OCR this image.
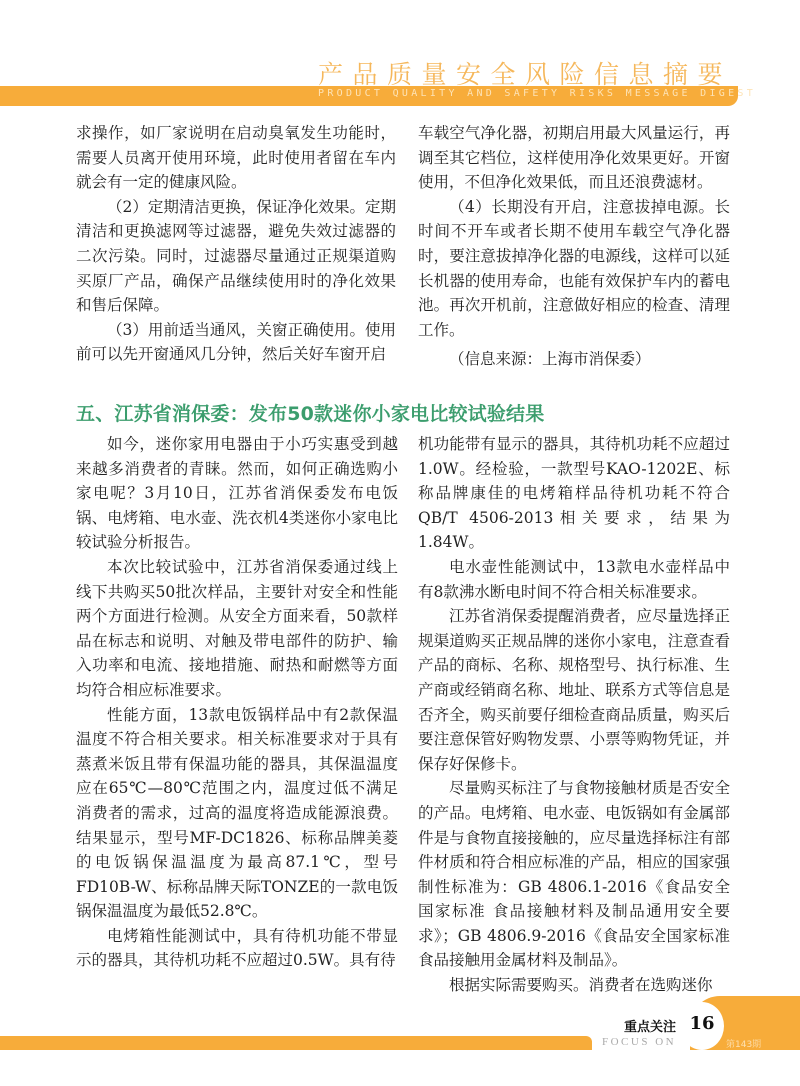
产品质量安全风险信息摘要
PRODUCT QUALITY AND SAFETY RISKS MESSAGE DIGEST

求操作，如厂家说明在启动臭氧发生功能时，需要人员离开使用环境，此时使用者留在车内就会有一定的健康风险。

（2）定期清洁更换，保证净化效果。定期清洁和更换滤网等过滤器，避免失效过滤器的二次污染。同时，过滤器尽量通过正规渠道购买原厂产品，确保产品继续使用时的净化效果和售后保障。

（3）用前适当通风，关窗正确使用。使用前可以先开窗通风几分钟，然后关好车窗开启

车载空气净化器，初期启用最大风量运行，再调至其它档位，这样使用净化效果更好。开窗使用，不但净化效果低，而且还浪费滤材。

（4）长期没有开启，注意拔掉电源。长时间不开车或者长期不使用车载空气净化器时，要注意拔掉净化器的电源线，这样可以延长机器的使用寿命，也能有效保护车内的蓄电池。再次开机前，注意做好相应的检查、清理工作。

（信息来源：上海市消保委）

五、江苏省消保委：发布50款迷你小家电比较试验结果

如今，迷你家用电器由于小巧实惠受到越来越多消费者的青睐。然而，如何正确选购小家电呢？3月10日，江苏省消保委发布电饭锅、电烤箱、电水壶、洗衣机4类迷你小家电比较试验分析报告。

本次比较试验中，江苏省消保委通过线上线下共购买50批次样品，主要针对安全和性能两个方面进行检测。从安全方面来看，50款样品在标志和说明、对触及带电部件的防护、输入功率和电流、接地措施、耐热和耐燃等方面均符合相应标准要求。

性能方面，13款电饭锅样品中有2款保温温度不符合相关要求。相关标准要求对于具有蒸煮米饭且带有保温功能的器具，其保温温度应在65℃—80℃范围之内，温度过低不满足消费者的需求，过高的温度将造成能源浪费。结果显示，型号MF-DC1826、标称品牌美菱的电饭锅保温温度为最高87.1℃，型号FD10B-W、标称品牌天际TONZE的一款电饭锅保温温度为最低52.8℃。

电烤箱性能测试中，具有待机功能不带显示的器具，其待机功耗不应超过0.5W。具有待

机功能带有显示的器具，其待机功耗不应超过1.0W。经检验，一款型号KAO-1202E、标称品牌康佳的电烤箱样品待机功耗不符合QB/T 4506-2013相关要求，结果为1.84W。

电水壶性能测试中，13款电水壶样品中有8款沸水断电时间不符合相关标准要求。

江苏省消保委提醒消费者，应尽量选择正规渠道购买正规品牌的迷你小家电，注意查看产品的商标、名称、规格型号、执行标准、生产商或经销商名称、地址、联系方式等信息是否齐全，购买前要仔细检查商品质量，购买后要注意保管好购物发票、小票等购物凭证，并保存好保修卡。

尽量购买标注了与食物接触材质是否安全的产品。电烤箱、电水壶、电饭锅如有金属部件是与食物直接接触的，应尽量选择标注有部件材质和符合相应标准的产品，相应的国家强制性标准为：GB 4806.1-2016《食品安全国家标准 食品接触材料及制品通用安全要求》；GB 4806.9-2016《食品安全国家标准 食品接触用金属材料及制品》。

根据实际需要购买。消费者在选购迷你

16
重点关注
FOCUS ON	第143期
